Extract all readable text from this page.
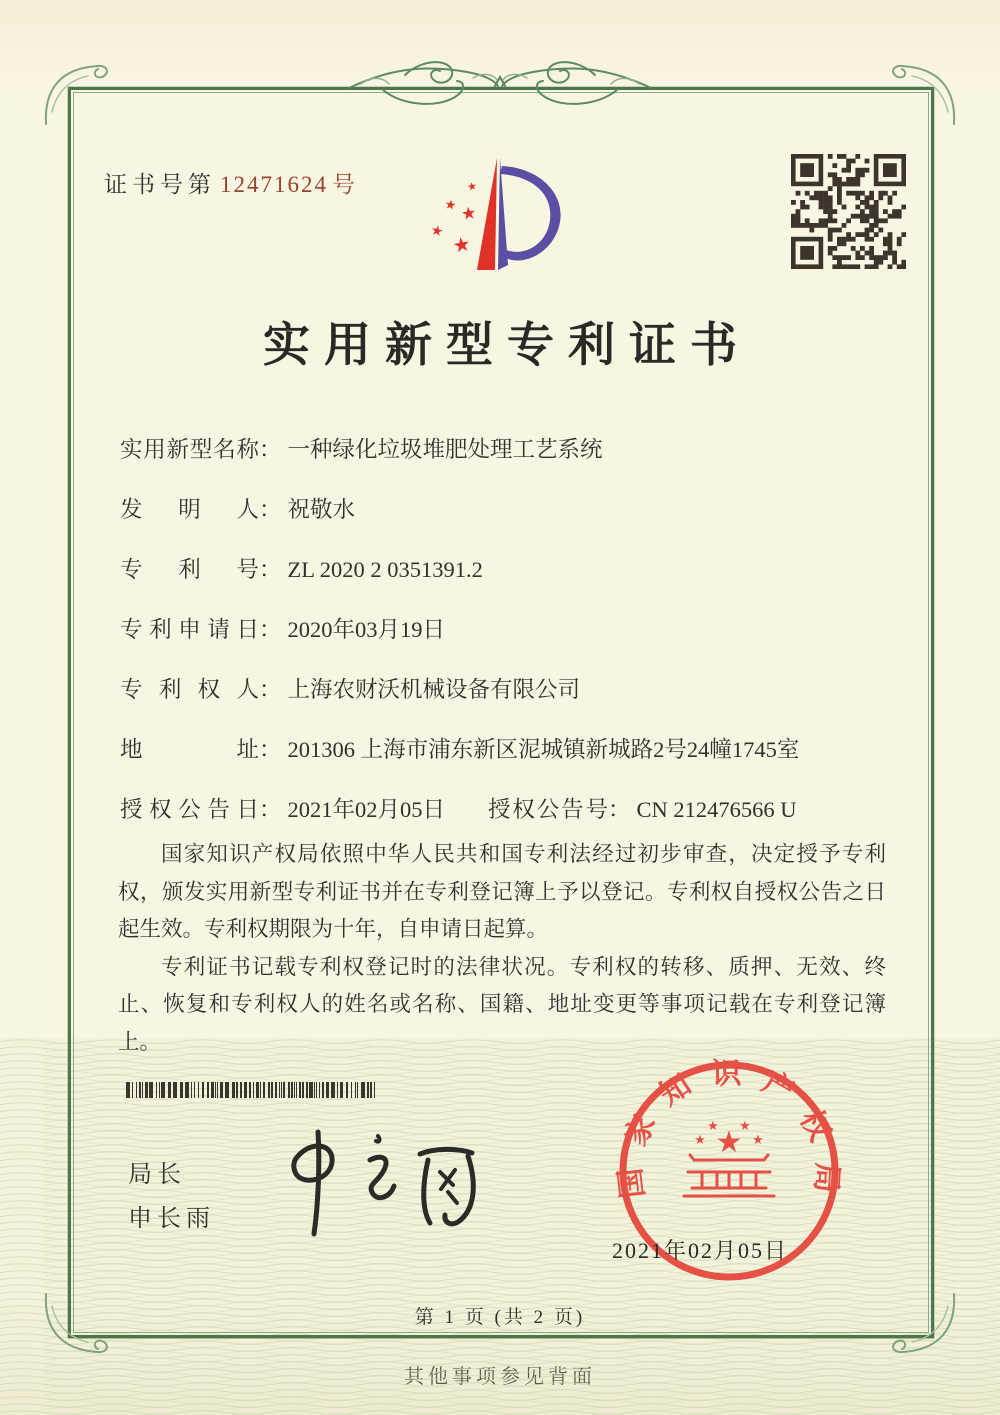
证书号第 12471624 号	★
★ ★
★
★
实用新型专利证书
实用新型名称： 一种绿化垃圾堆肥处理工艺系统
发明人： 祝敬水
专利号： ZL 2020 2 0351391.2
专利申请日： 2020年03月19日
专利权人： 上海农财沃机械设备有限公司
地址： 201306 上海市浦东新区泥城镇新城路2号24幢1745室
授权公告日： 2021年02月05日 授权公告号： CN 212476566 U

国家知识产权局依照中华人民共和国专利法经过初步审查，决定授予专利权，颁发实用新型专利证书并在专利登记簿上予以登记。专利权自授权公告之日起生效。专利权期限为十年，自申请日起算。

专利证书记载专利权登记时的法律状况。专利权的转移、质押、无效、终止、恢复和专利权人的姓名或名称、国籍、地址变更等事项记载在专利登记簿上。

局长
申长雨
国家知识产权局
★
★
★ ★
★
2021年02月05日
第 1 页 (共 2 页)
